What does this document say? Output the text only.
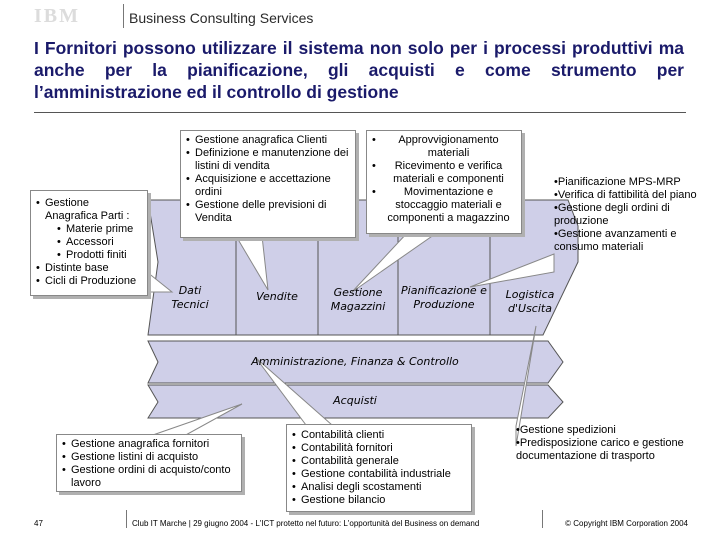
IBM	Business Consulting Services
I Fornitori possono utilizzare il sistema non solo per i processi produttivi ma anche per la pianificazione, gli acquisti e come strumento per l’amministrazione ed il controllo di gestione
Dati Tecnici
Vendite	Gestione Magazzini
Pianificazione e Produzione
Logistica d'Uscita
Amministrazione, Finanza & Controllo
Acquisti
• Gestione Anagrafica Parti :
• Materie prime
• Accessori
• Prodotti finiti
• Distinte base
• Cicli di Produzione
• Gestione anagrafica Clienti
• Definizione e manutenzione dei listini di vendita
• Acquisizione e accettazione ordini
• Gestione delle previsioni di Vendita
• Approvvigionamento materiali
• Ricevimento e verifica materiali e componenti
• Movimentazione e stoccaggio materiali e componenti a magazzino
•Pianificazione MPS-MRP
•Verifica di fattibilità del piano
•Gestione degli ordini di produzione
•Gestione avanzamenti e consumo materiali
• Gestione anagrafica fornitori
• Gestione listini di acquisto
• Gestione ordini di acquisto/conto lavoro
• Contabilità clienti
• Contabilità fornitori
• Contabilità generale
• Gestione contabilità industriale
• Analisi degli scostamenti
• Gestione bilancio
•Gestione spedizioni
•Predisposizione carico e gestione documentazione di trasporto
47	Club IT Marche | 29 giugno 2004 - L'ICT protetto nel futuro: L'opportunità del Business on demand	© Copyright IBM Corporation 2004
